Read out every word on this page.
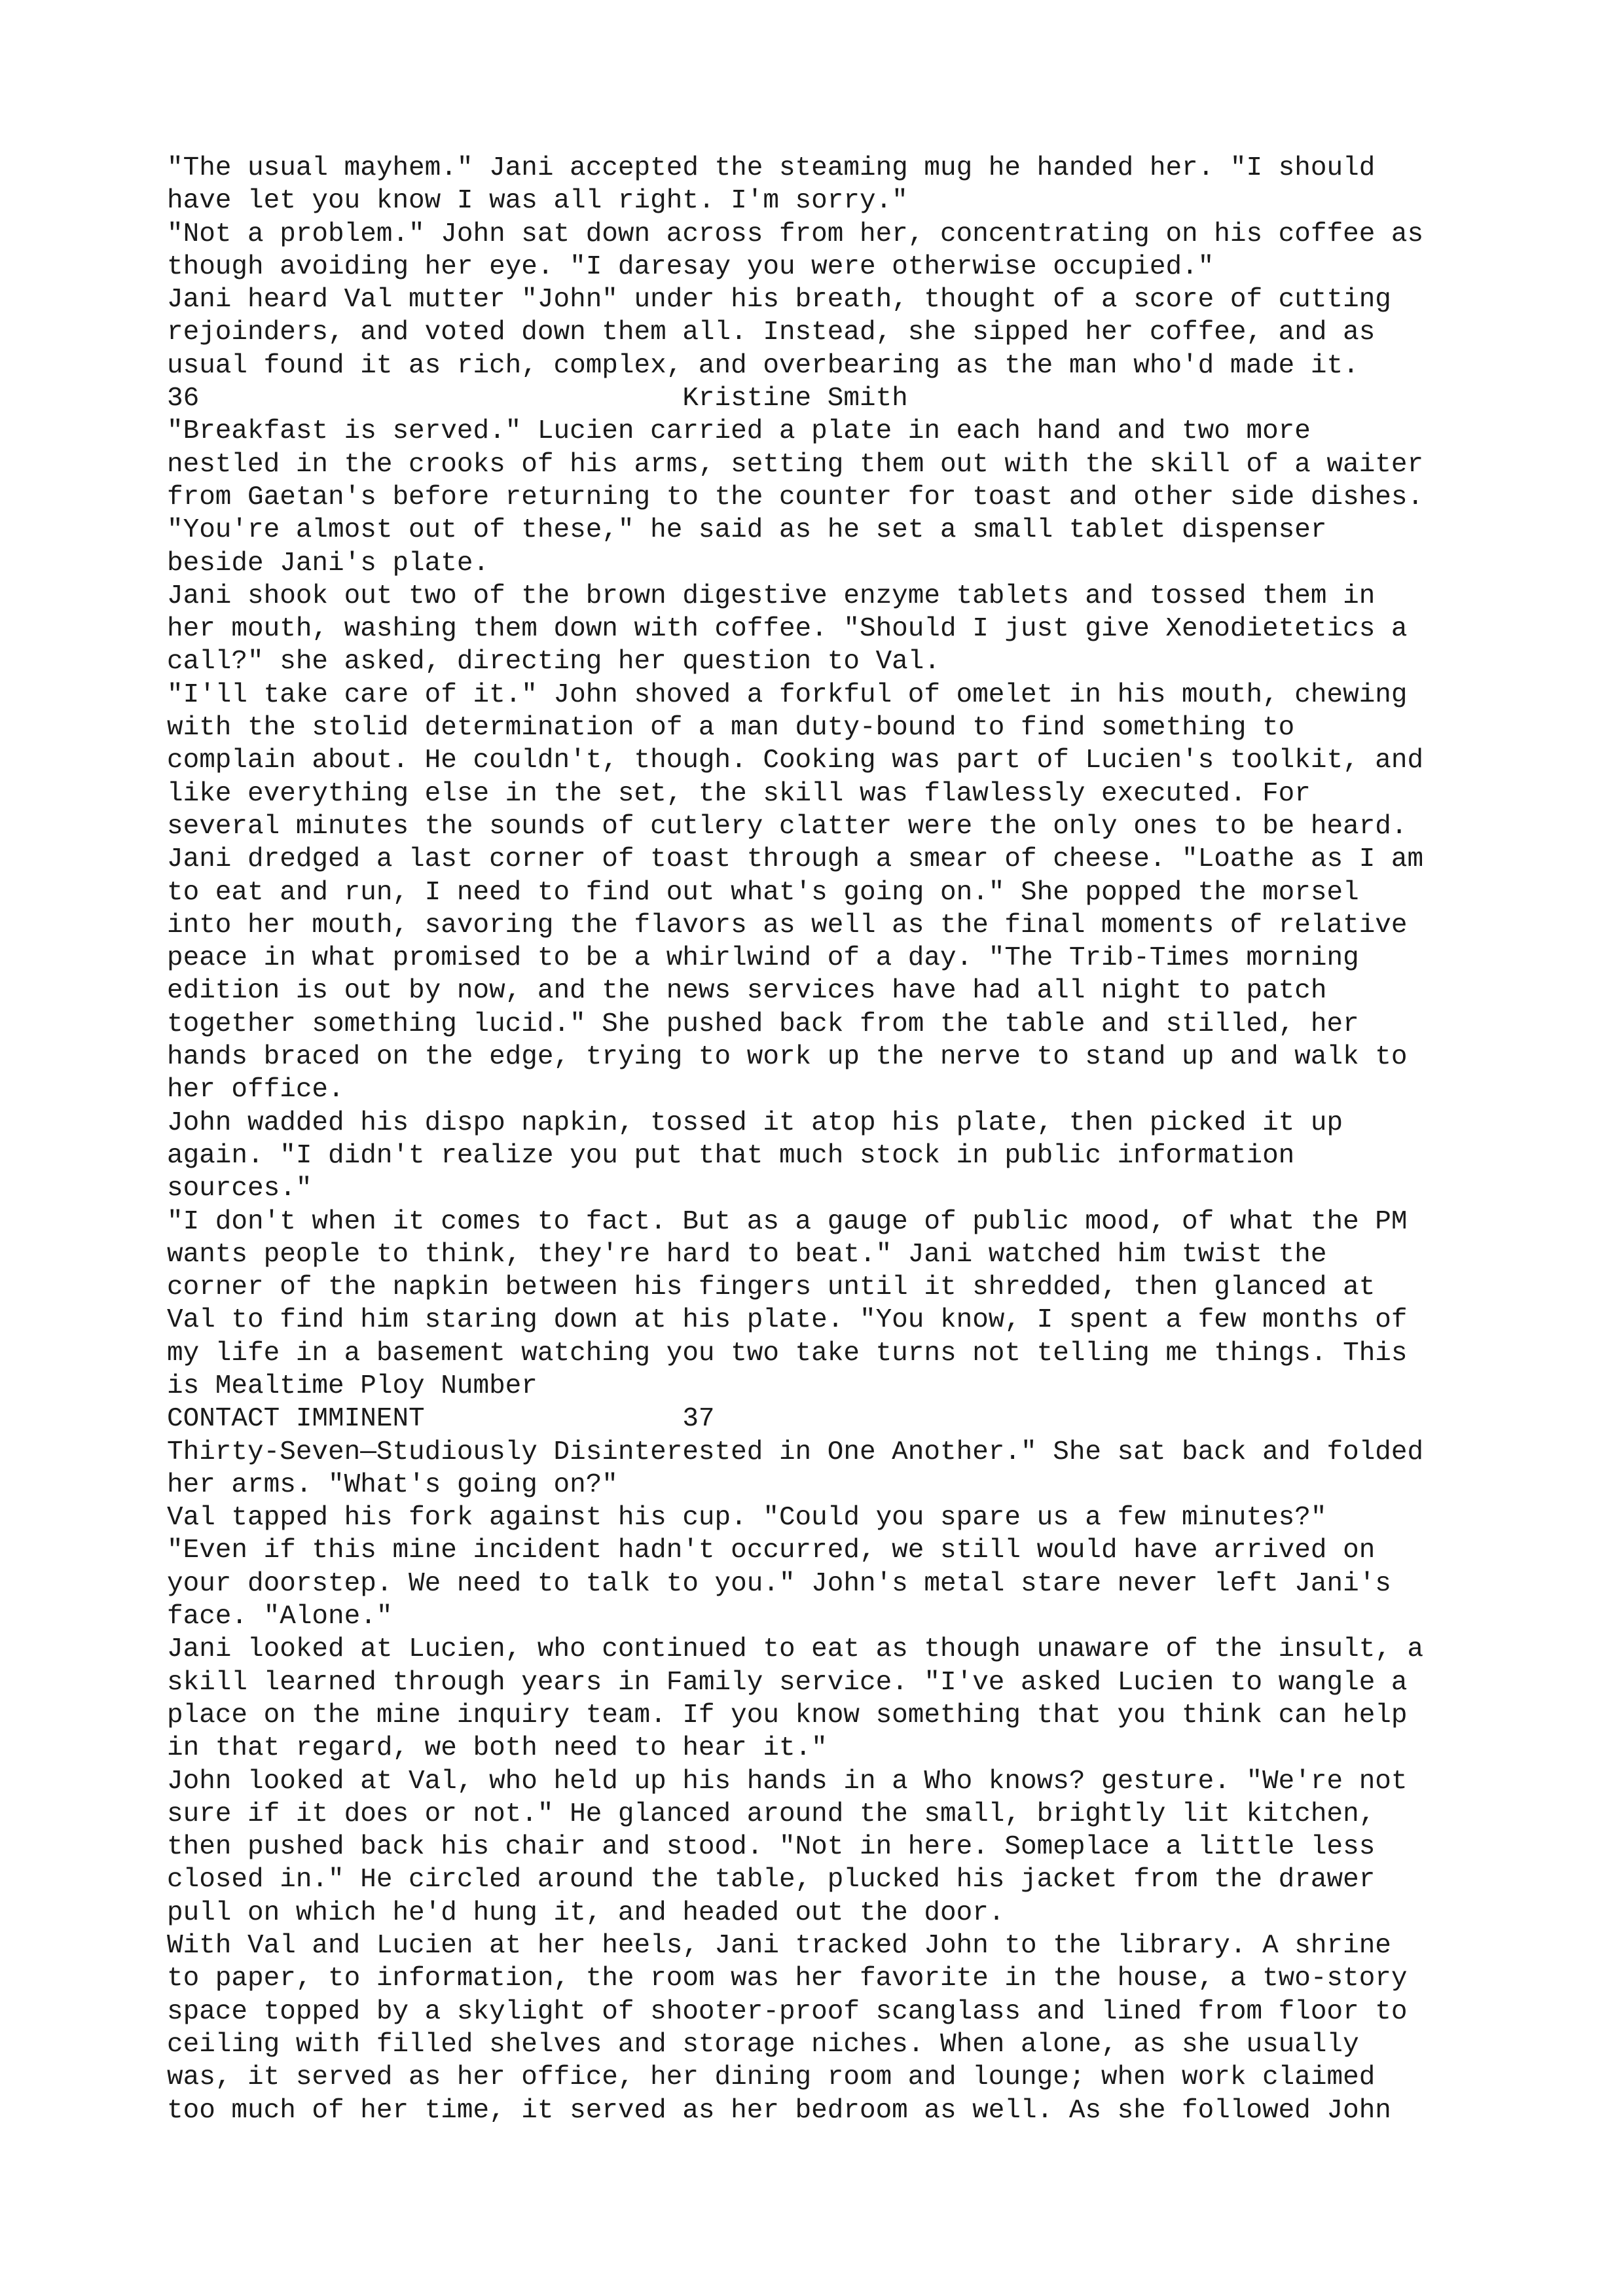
"The usual mayhem." Jani accepted the steaming mug he handed her. "I should
have let you know I was all right. I'm sorry."
"Not a problem." John sat down across from her, concentrating on his coffee as
though avoiding her eye. "I daresay you were otherwise occupied."
Jani heard Val mutter "John" under his breath, thought of a score of cutting
rejoinders, and voted down them all. Instead, she sipped her coffee, and as
usual found it as rich, complex, and overbearing as the man who'd made it.
36                              Kristine Smith
"Breakfast is served." Lucien carried a plate in each hand and two more
nestled in the crooks of his arms, setting them out with the skill of a waiter
from Gaetan's before returning to the counter for toast and other side dishes.
"You're almost out of these," he said as he set a small tablet dispenser
beside Jani's plate.
Jani shook out two of the brown digestive enzyme tablets and tossed them in
her mouth, washing them down with coffee. "Should I just give Xenodietetics a
call?" she asked, directing her question to Val.
"I'll take care of it." John shoved a forkful of omelet in his mouth, chewing
with the stolid determination of a man duty-bound to find something to
complain about. He couldn't, though. Cooking was part of Lucien's toolkit, and
like everything else in the set, the skill was flawlessly executed. For
several minutes the sounds of cutlery clatter were the only ones to be heard.
Jani dredged a last corner of toast through a smear of cheese. "Loathe as I am
to eat and run, I need to find out what's going on." She popped the morsel
into her mouth, savoring the flavors as well as the final moments of relative
peace in what promised to be a whirlwind of a day. "The Trib-Times morning
edition is out by now, and the news services have had all night to patch
together something lucid." She pushed back from the table and stilled, her
hands braced on the edge, trying to work up the nerve to stand up and walk to
her office.
John wadded his dispo napkin, tossed it atop his plate, then picked it up
again. "I didn't realize you put that much stock in public information
sources."
"I don't when it comes to fact. But as a gauge of public mood, of what the PM
wants people to think, they're hard to beat." Jani watched him twist the
corner of the napkin between his fingers until it shredded, then glanced at
Val to find him staring down at his plate. "You know, I spent a few months of
my life in a basement watching you two take turns not telling me things. This
is Mealtime Ploy Number
CONTACT IMMINENT                37
Thirty-Seven—Studiously Disinterested in One Another." She sat back and folded
her arms. "What's going on?"
Val tapped his fork against his cup. "Could you spare us a few minutes?"
"Even if this mine incident hadn't occurred, we still would have arrived on
your doorstep. We need to talk to you." John's metal stare never left Jani's
face. "Alone."
Jani looked at Lucien, who continued to eat as though unaware of the insult, a
skill learned through years in Family service. "I've asked Lucien to wangle a
place on the mine inquiry team. If you know something that you think can help
in that regard, we both need to hear it."
John looked at Val, who held up his hands in a Who knows? gesture. "We're not
sure if it does or not." He glanced around the small, brightly lit kitchen,
then pushed back his chair and stood. "Not in here. Someplace a little less
closed in." He circled around the table, plucked his jacket from the drawer
pull on which he'd hung it, and headed out the door.
With Val and Lucien at her heels, Jani tracked John to the library. A shrine
to paper, to information, the room was her favorite in the house, a two-story
space topped by a skylight of shooter-proof scanglass and lined from floor to
ceiling with filled shelves and storage niches. When alone, as she usually
was, it served as her office, her dining room and lounge; when work claimed
too much of her time, it served as her bedroom as well. As she followed John
